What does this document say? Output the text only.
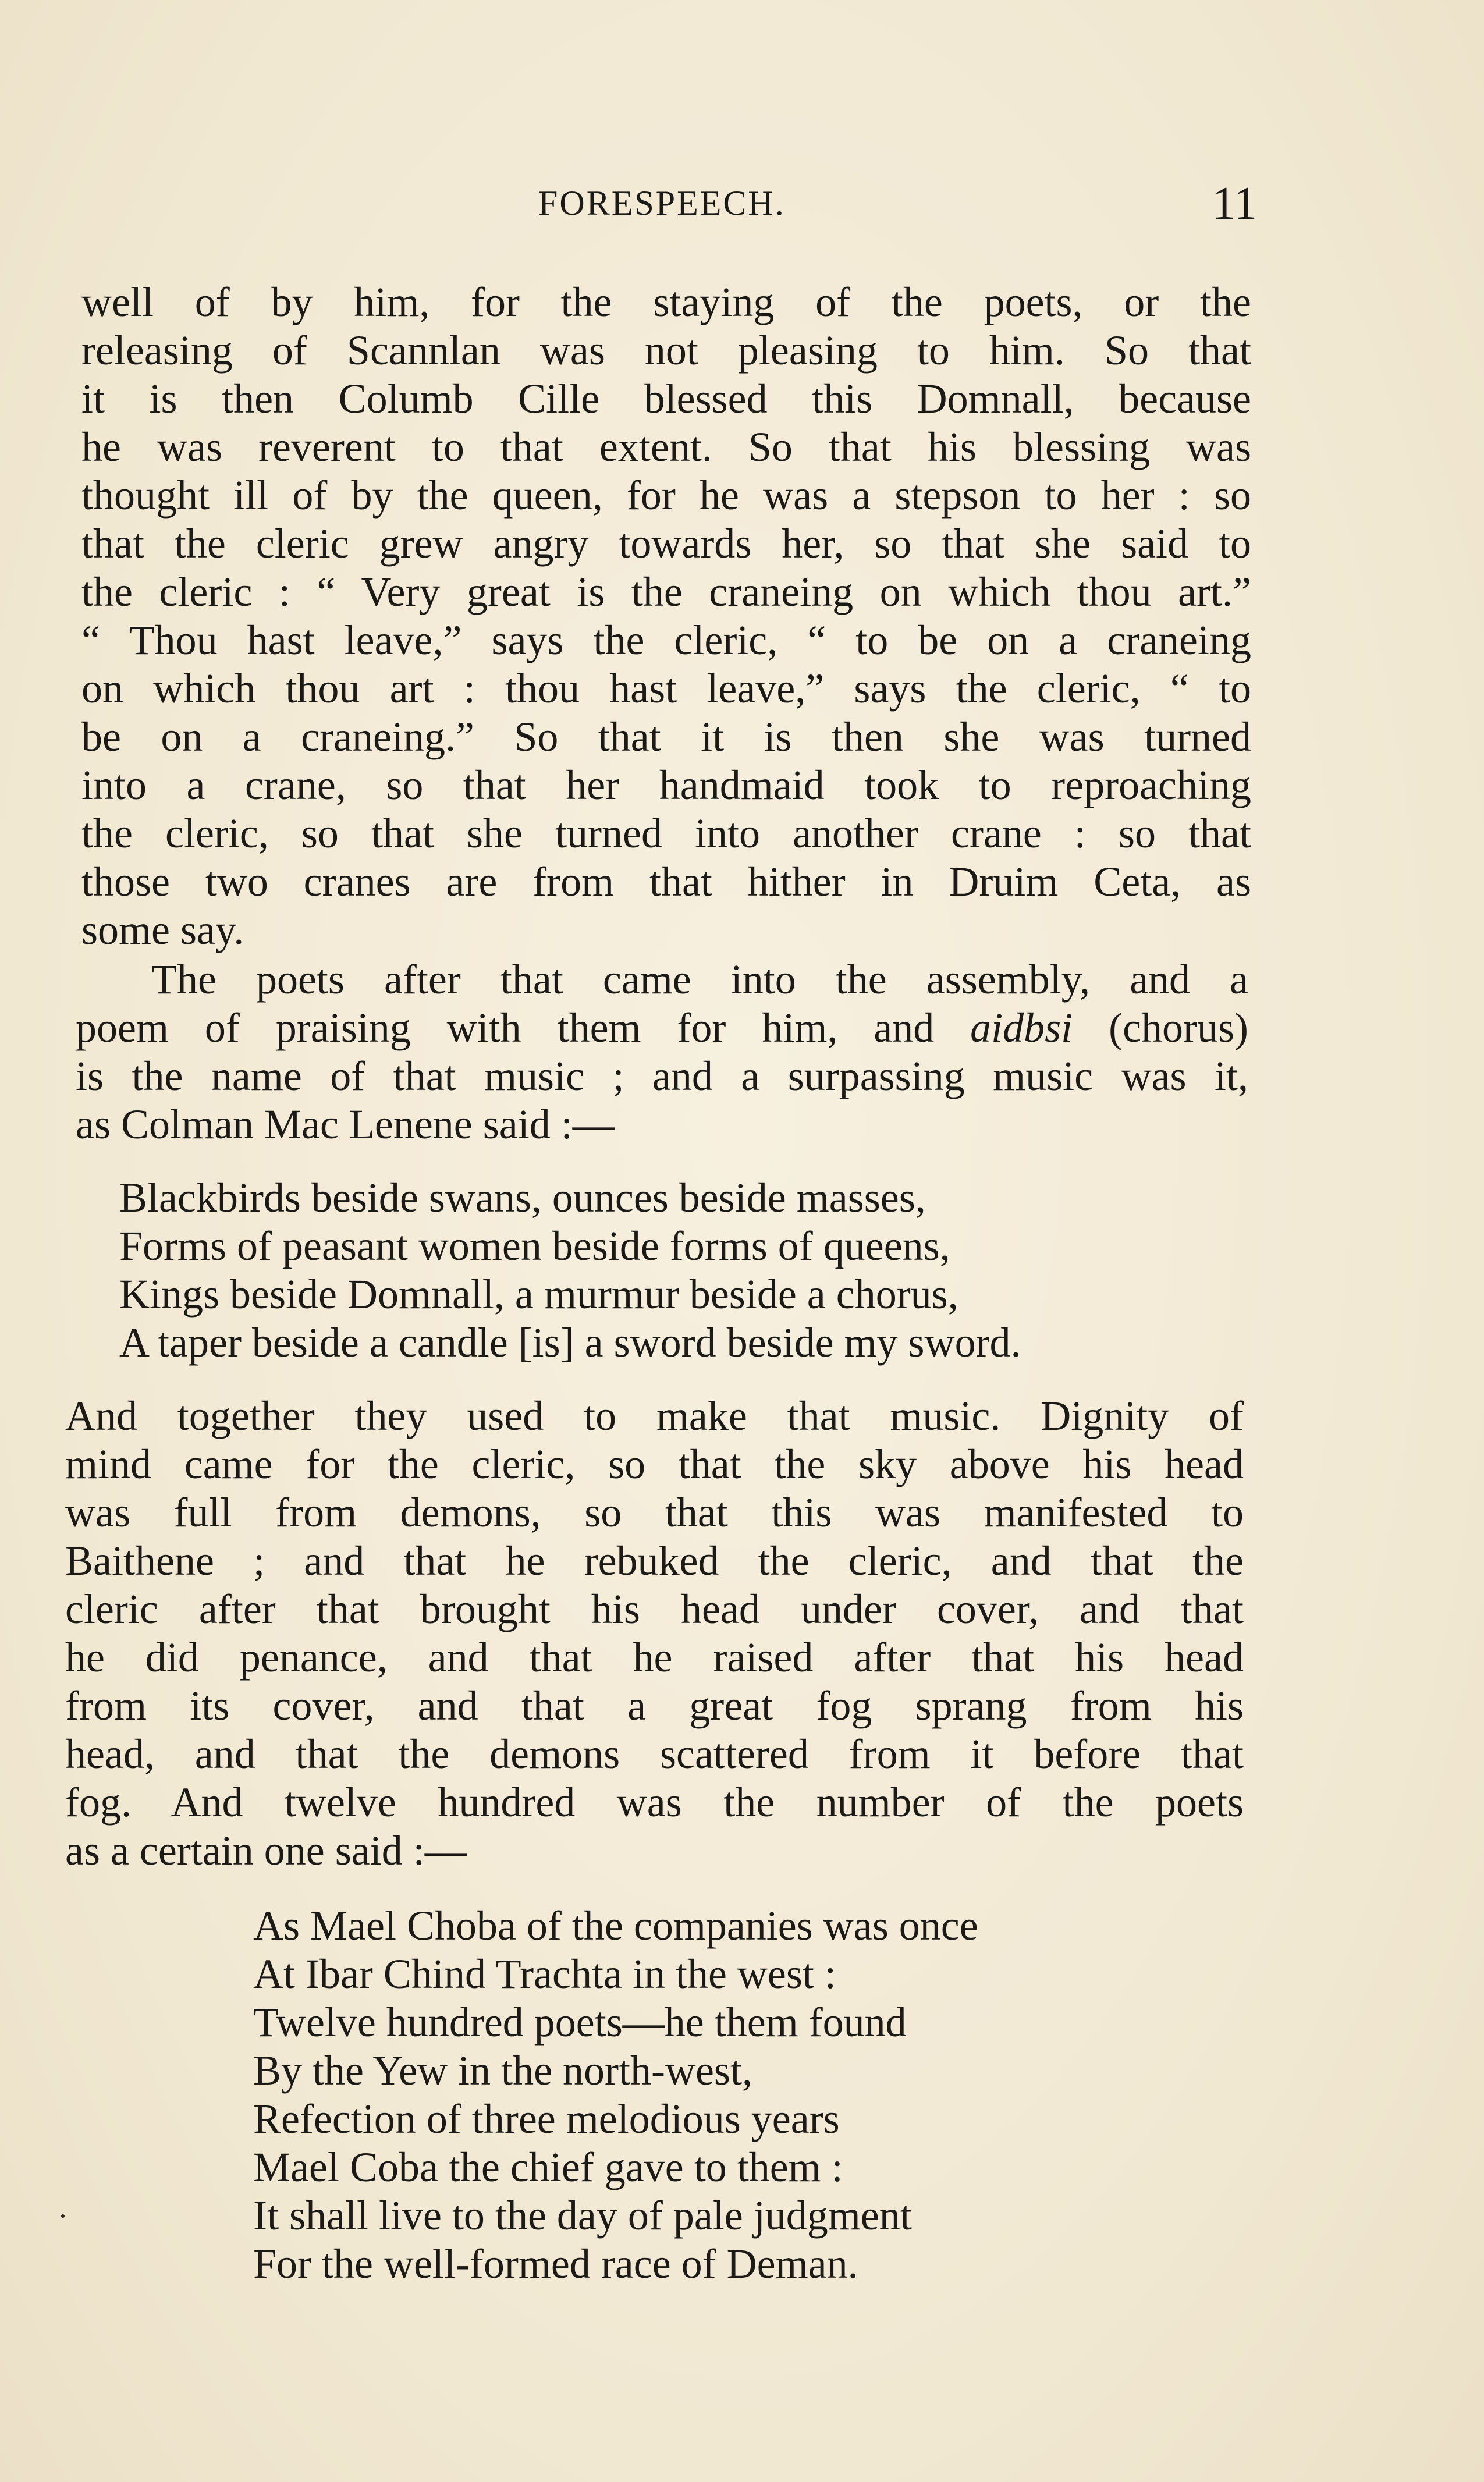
FORESPEECH.	11
well of by him, for the staying of the poets, or the
releasing of Scannlan was not pleasing to him. So that
it is then Columb Cille blessed this Domnall, because
he was reverent to that extent. So that his blessing was
thought ill of by the queen, for he was a stepson to her : so
that the cleric grew angry towards her, so that she said to
the cleric : “ Very great is the craneing on which thou art.”
“ Thou hast leave,” says the cleric, “ to be on a craneing
on which thou art : thou hast leave,” says the cleric, “ to
be on a craneing.” So that it is then she was turned
into a crane, so that her handmaid took to reproaching
the cleric, so that she turned into another crane : so that
those two cranes are from that hither in Druim Ceta, as
some say.
The poets after that came into the assembly, and a
poem of praising with them for him, and aidbsi (chorus)
is the name of that music ; and a surpassing music was it,
as Colman Mac Lenene said :—
Blackbirds beside swans, ounces beside masses,
Forms of peasant women beside forms of queens,
Kings beside Domnall, a murmur beside a chorus,
A taper beside a candle [is] a sword beside my sword.
And together they used to make that music. Dignity of
mind came for the cleric, so that the sky above his head
was full from demons, so that this was manifested to
Baithene ; and that he rebuked the cleric, and that the
cleric after that brought his head under cover, and that
he did penance, and that he raised after that his head
from its cover, and that a great fog sprang from his
head, and that the demons scattered from it before that
fog. And twelve hundred was the number of the poets
as a certain one said :—
As Mael Choba of the companies was once
At Ibar Chind Trachta in the west :
Twelve hundred poets—he them found
By the Yew in the north-west,
Refection of three melodious years
Mael Coba the chief gave to them :
It shall live to the day of pale judgment
For the well-formed race of Deman.
